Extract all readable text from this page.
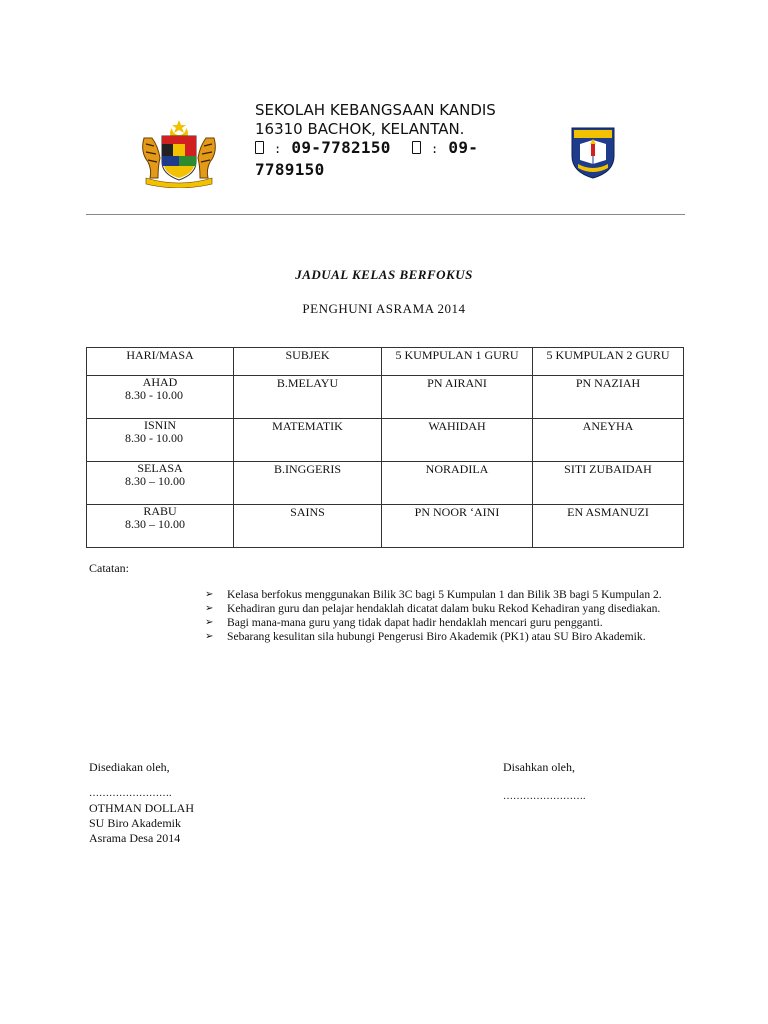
SEKOLAH KEBANGSAAN KANDIS
16310 BACHOK, KELANTAN.
: 09-7782150	: 09-
7789150
JADUAL KELAS BERFOKUS
PENGHUNI ASRAMA 2014
HARI/MASA	SUBJEK	5 KUMPULAN 1 GURU	5 KUMPULAN 2 GURU
AHAD
8.30 - 10.00	B.MELAYU	PN AIRANI	PN NAZIAH
ISNIN
8.30 - 10.00	MATEMATIK	WAHIDAH	ANEYHA
SELASA
8.30 – 10.00	B.INGGERIS	NORADILA	SITI ZUBAIDAH
RABU
8.30 – 10.00	SAINS	PN NOOR ‘AINI	EN ASMANUZI
Catatan:
➢ Kelasa berfokus menggunakan Bilik 3C bagi 5 Kumpulan 1 dan Bilik 3B bagi 5 Kumpulan 2.
➢ Kehadiran guru dan pelajar hendaklah dicatat dalam buku Rekod Kehadiran yang disediakan.
➢ Bagi mana-mana guru yang tidak dapat hadir hendaklah mencari guru pengganti.
➢ Sebarang kesulitan sila hubungi Pengerusi Biro Akademik (PK1) atau SU Biro Akademik.
Disediakan oleh,
…………………….
OTHMAN DOLLAH
SU Biro Akademik
Asrama Desa 2014
Disahkan oleh,
…………………….
